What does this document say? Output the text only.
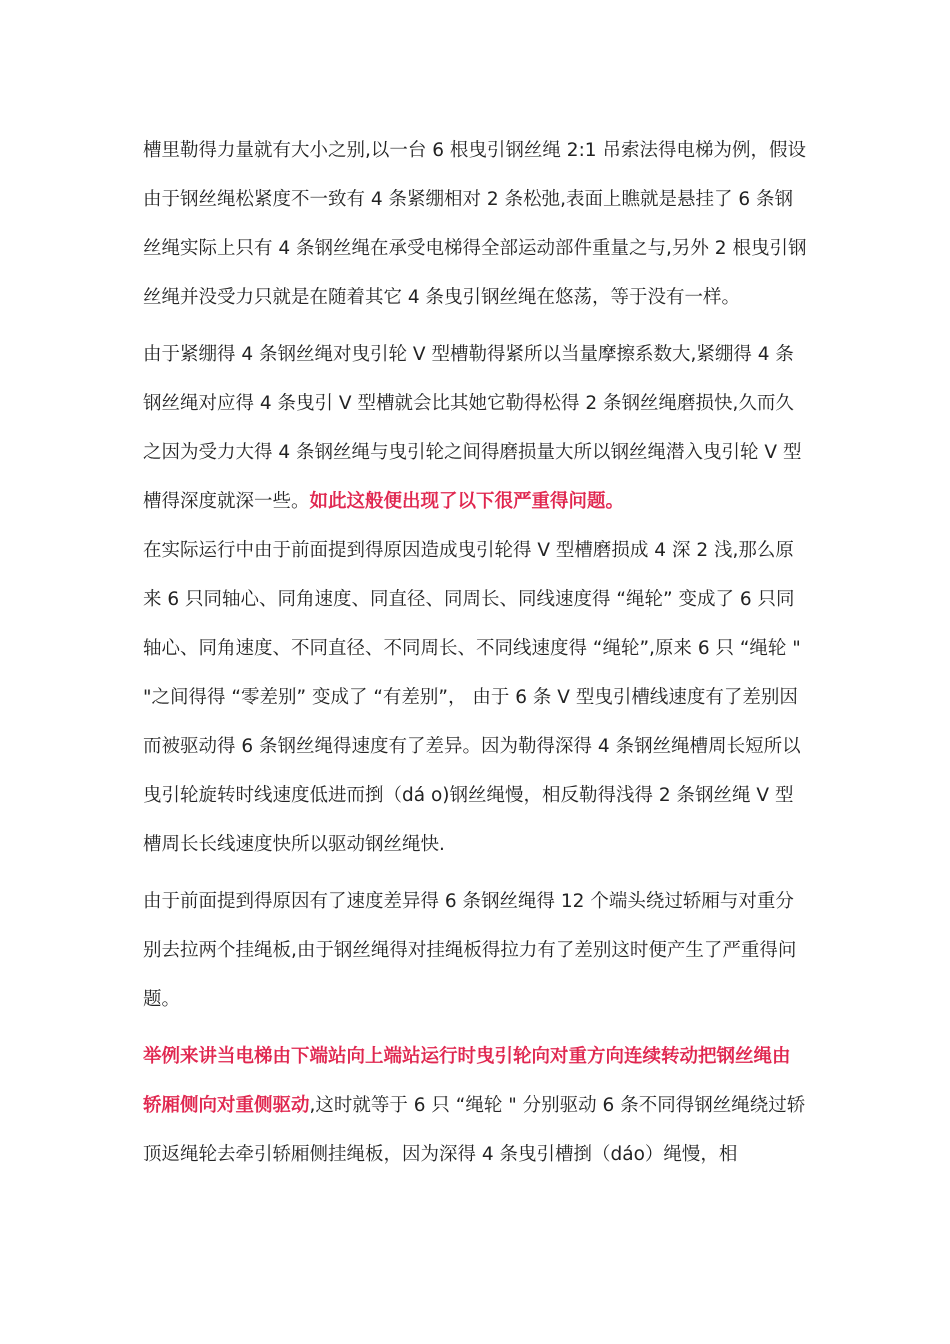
槽里勒得力量就有大小之别,以一台 6 根曳引钢丝绳 2:1 吊索法得电梯为例，假设由于钢丝绳松紧度不一致有 4 条紧绷相对 2 条松弛,表面上瞧就是悬挂了 6 条钢丝绳实际上只有 4 条钢丝绳在承受电梯得全部运动部件重量之与,另外 2 根曳引钢丝绳并没受力只就是在随着其它 4 条曳引钢丝绳在悠荡，等于没有一样。

由于紧绷得 4 条钢丝绳对曳引轮 V 型槽勒得紧所以当量摩擦系数大,紧绷得 4 条钢丝绳对应得 4 条曳引 V 型槽就会比其她它勒得松得 2 条钢丝绳磨损快,久而久之因为受力大得 4 条钢丝绳与曳引轮之间得磨损量大所以钢丝绳潜入曳引轮 V 型槽得深度就深一些。如此这般便出现了以下很严重得问题。

在实际运行中由于前面提到得原因造成曳引轮得 V 型槽磨损成 4 深 2 浅,那么原来 6 只同轴心、同角速度、同直径、同周长、同线速度得 “绳轮” 变成了 6 只同轴心、同角速度、不同直径、不同周长、不同线速度得 “绳轮”,原来 6 只 “绳轮 " "之间得得 “零差别” 变成了 “有差别”， 由于 6 条 V 型曳引槽线速度有了差别因而被驱动得 6 条钢丝绳得速度有了差异。因为勒得深得 4 条钢丝绳槽周长短所以曳引轮旋转时线速度低进而捯（dá o)钢丝绳慢，相反勒得浅得 2 条钢丝绳 V 型槽周长长线速度快所以驱动钢丝绳快.

由于前面提到得原因有了速度差异得 6 条钢丝绳得 12 个端头绕过轿厢与对重分别去拉两个挂绳板,由于钢丝绳得对挂绳板得拉力有了差别这时便产生了严重得问题。

举例来讲当电梯由下端站向上端站运行时曳引轮向对重方向连续转动把钢丝绳由轿厢侧向对重侧驱动,这时就等于 6 只 “绳轮 " 分别驱动 6 条不同得钢丝绳绕过轿顶返绳轮去牵引轿厢侧挂绳板，因为深得 4 条曳引槽捯（dáo）绳慢，相
